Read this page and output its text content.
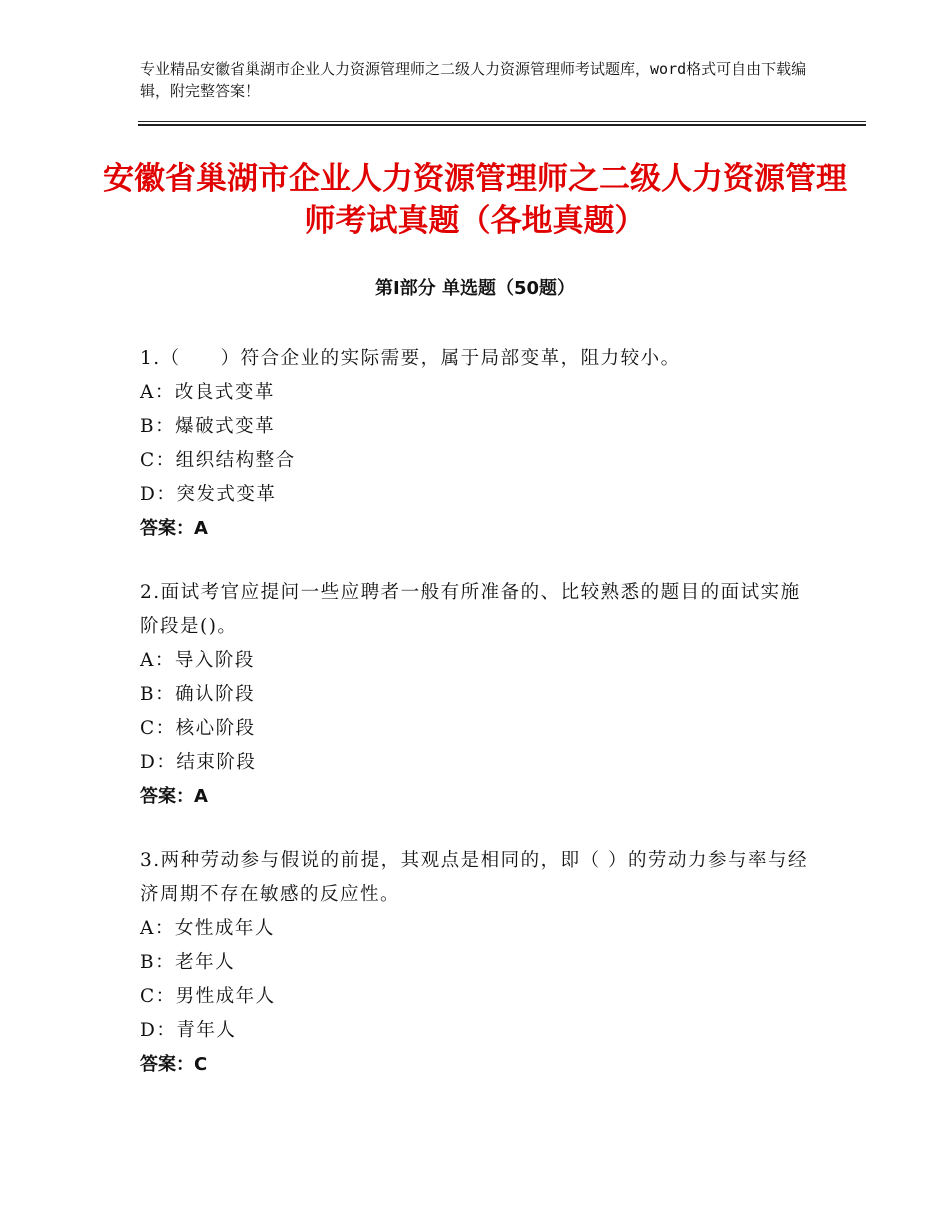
专业精品安徽省巢湖市企业人力资源管理师之二级人力资源管理师考试题库，word格式可自由下载编辑，附完整答案！
安徽省巢湖市企业人力资源管理师之二级人力资源管理师考试真题（各地真题）
第Ⅰ部分 单选题（50题）
1.（　　）符合企业的实际需要，属于局部变革，阻力较小。
A：改良式变革
B：爆破式变革
C：组织结构整合
D：突发式变革
答案：A
2.面试考官应提问一些应聘者一般有所准备的、比较熟悉的题目的面试实施阶段是()。
A：导入阶段
B：确认阶段
C：核心阶段
D：结束阶段
答案：A
3.两种劳动参与假说的前提，其观点是相同的，即（ ）的劳动力参与率与经济周期不存在敏感的反应性。
A：女性成年人
B：老年人
C：男性成年人
D：青年人
答案：C
